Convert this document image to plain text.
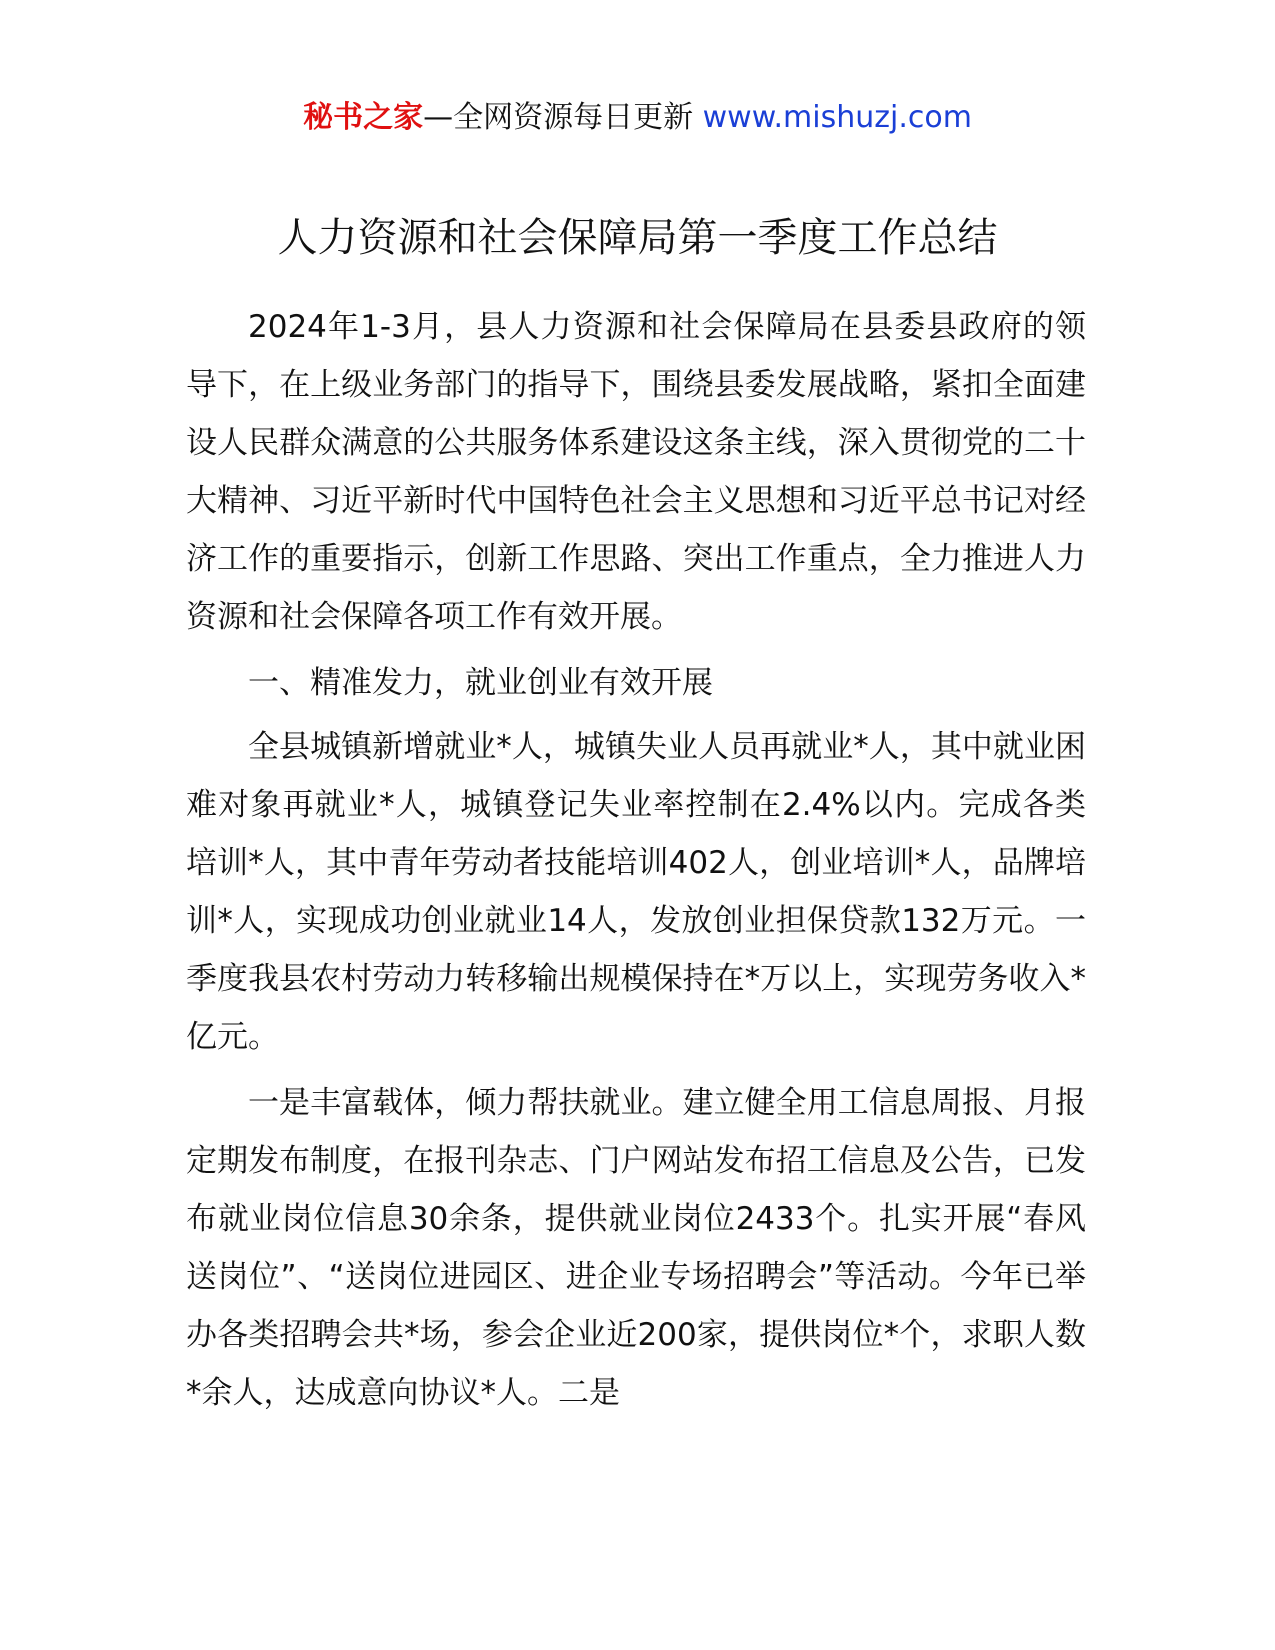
秘书之家—全网资源每日更新 www.mishuzj.com
人力资源和社会保障局第一季度工作总结

2024年1-3月，县人力资源和社会保障局在县委县政府的领导下，在上级业务部门的指导下，围绕县委发展战略，紧扣全面建设人民群众满意的公共服务体系建设这条主线，深入贯彻党的二十大精神、习近平新时代中国特色社会主义思想和习近平总书记对经济工作的重要指示，创新工作思路、突出工作重点，全力推进人力资源和社会保障各项工作有效开展。

一、精准发力，就业创业有效开展

全县城镇新增就业*人，城镇失业人员再就业*人，其中就业困难对象再就业*人，城镇登记失业率控制在2.4%以内。完成各类培训*人，其中青年劳动者技能培训402人，创业培训*人，品牌培训*人，实现成功创业就业14人，发放创业担保贷款132万元。一季度我县农村劳动力转移输出规模保持在*万以上，实现劳务收入*亿元。

一是丰富载体，倾力帮扶就业。建立健全用工信息周报、月报定期发布制度，在报刊杂志、门户网站发布招工信息及公告，已发布就业岗位信息30余条，提供就业岗位2433个。扎实开展“春风送岗位”、“送岗位进园区、进企业专场招聘会”等活动。今年已举办各类招聘会共*场，参会企业近200家，提供岗位*个，求职人数*余人，达成意向协议*人。二是
